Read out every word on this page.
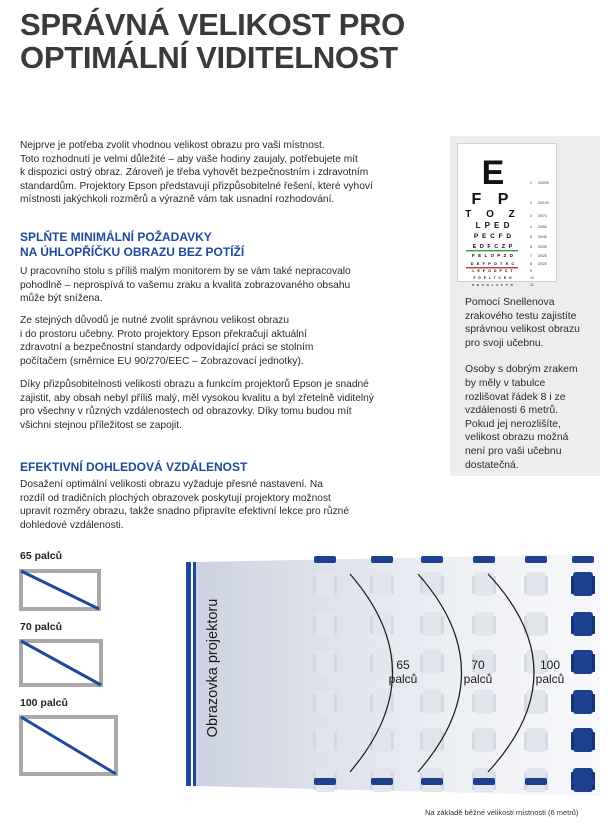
SPRÁVNÁ VELIKOST PRO
OPTIMÁLNÍ VIDITELNOST
Nejprve je potřeba zvolit vhodnou velikost obrazu pro vaši místnost.
Toto rozhodnutí je velmi důležité – aby vaše hodiny zaujaly, potřebujete mít
k dispozici ostrý obraz. Zároveň je třeba vyhovět bezpečnostním i zdravotním
standardům. Projektory Epson představují přizpůsobitelné řešení, které vyhoví
místnosti jakýchkoli rozměrů a výrazně vám tak usnadní rozhodování.
SPLŇTE MINIMÁLNÍ POŽADAVKY
NA ÚHLOPŘÍČKU OBRAZU BEZ POTÍŽÍ
U pracovního stolu s příliš malým monitorem by se vám také nepracovalo
pohodlně – neprospívá to vašemu zraku a kvalita zobrazovaného obsahu
může být snížena.
Ze stejných důvodů je nutné zvolit správnou velikost obrazu
i do prostoru učebny. Proto projektory Epson překračují aktuální
zdravotní a bezpečnostní standardy odpovídající práci se stolním
počítačem (směrnice EU 90/270/EEC – Zobrazovací jednotky).
Díky přizpůsobitelnosti velikosti obrazu a funkcím projektorů Epson je snadné
zajistit, aby obsah nebyl příliš malý, měl vysokou kvalitu a byl zřetelně viditelný
pro všechny v různých vzdálenostech od obrazovky. Díky tomu budou mít
všichni stejnou příležitost se zapojit.
EFEKTIVNÍ DOHLEDOVÁ VZDÁLENOST
Dosažení optimální velikosti obrazu vyžaduje přesné nastavení. Na
rozdíl od tradičních plochých obrazovek poskytují projektory možnost
upravit rozměry obrazu, takže snadno připravíte efektivní lekce pro různé
dohledové vzdálenosti.
E	1 20/200
F P	2 20/100
T O Z	3 20/70
L P E D	4 20/50
P E C F D	5 20/40
E D F C Z P	6 20/30
F E L O P Z D	7 20/25
D E F P O T E C	8 20/20
L E F O D P C T	9
F D P L T C E O	10
P E Z O L C F T D	11
Pomocí Snellenova
zrakového testu zajistíte
správnou velikost obrazu
pro svoji učebnu.
Osoby s dobrým zrakem
by měly v tabulce
rozlišovat řádek 8 i ze
vzdálenosti 6 metrů.
Pokud jej nerozlišíte,
velikost obrazu možná
není pro vaši učebnu
dostatečná.
65 palců
70 palců
100 palců	Obrazovka projektoru	65
palců
70
palců
100
palců
Na základě běžné velikosti místnosti (6 metrů)
